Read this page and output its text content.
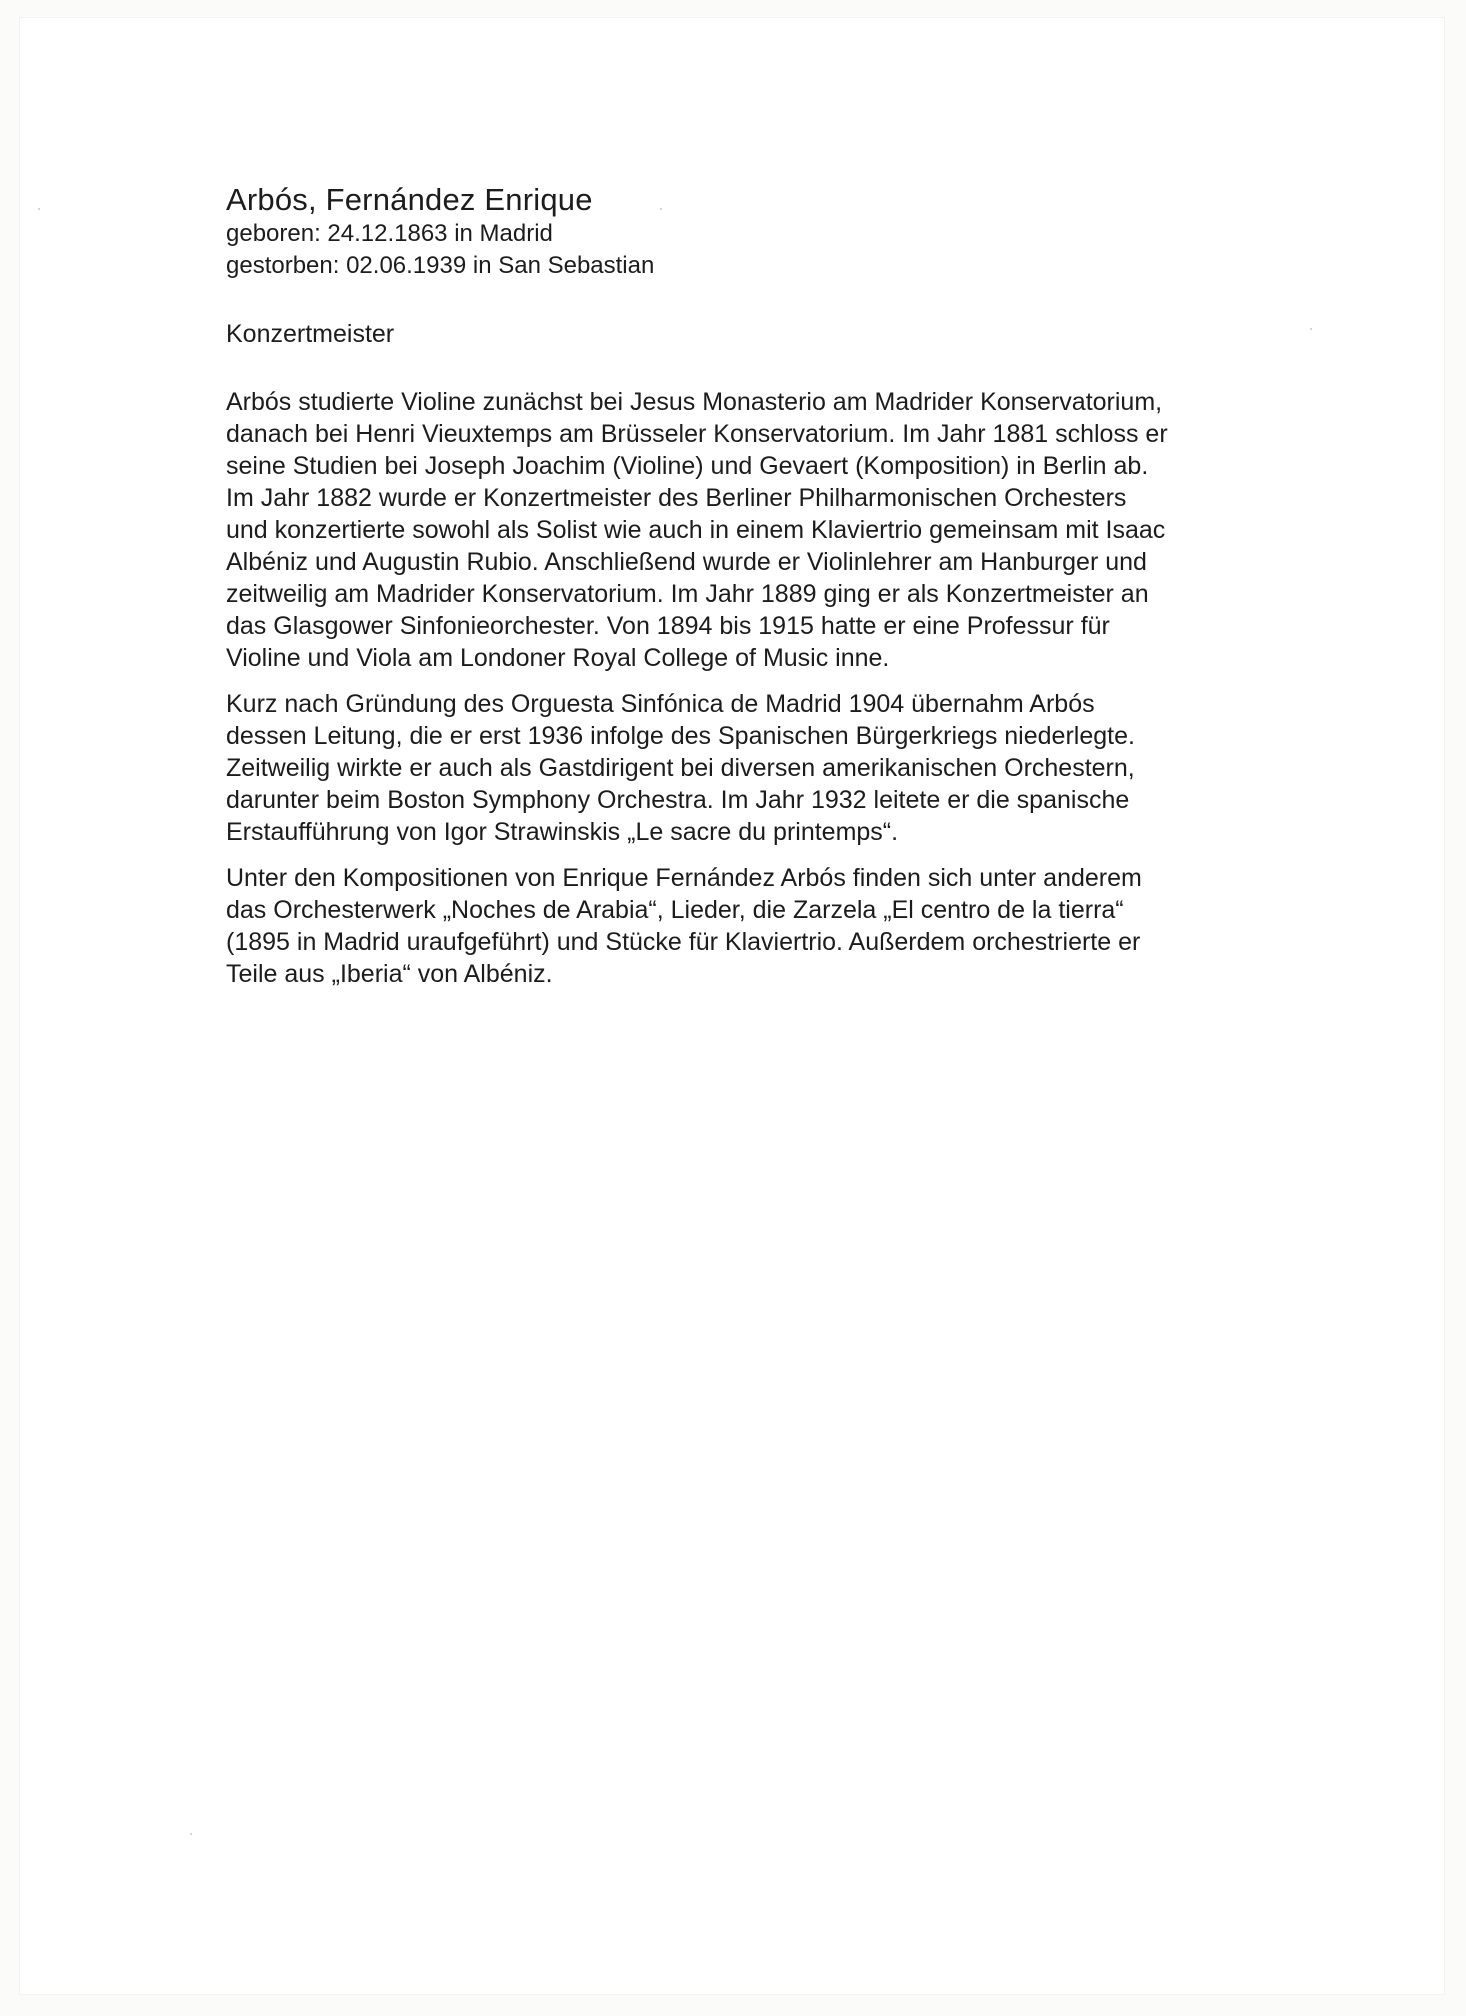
Arbós, Fernández Enrique

geboren: 24.12.1863 in Madrid

gestorben: 02.06.1939 in San Sebastian

Konzertmeister

Arbós studierte Violine zunächst bei Jesus Monasterio am Madrider Konservatorium,
danach bei Henri Vieuxtemps am Brüsseler Konservatorium. Im Jahr 1881 schloss er
seine Studien bei Joseph Joachim (Violine) und Gevaert (Komposition) in Berlin ab.
Im Jahr 1882 wurde er Konzertmeister des Berliner Philharmonischen Orchesters
und konzertierte sowohl als Solist wie auch in einem Klaviertrio gemeinsam mit Isaac
Albéniz und Augustin Rubio. Anschließend wurde er Violinlehrer am Hanburger und
zeitweilig am Madrider Konservatorium. Im Jahr 1889 ging er als Konzertmeister an
das Glasgower Sinfonieorchester. Von 1894 bis 1915 hatte er eine Professur für
Violine und Viola am Londoner Royal College of Music inne.

Kurz nach Gründung des Orguesta Sinfónica de Madrid 1904 übernahm Arbós
dessen Leitung, die er erst 1936 infolge des Spanischen Bürgerkriegs niederlegte.
Zeitweilig wirkte er auch als Gastdirigent bei diversen amerikanischen Orchestern,
darunter beim Boston Symphony Orchestra. Im Jahr 1932 leitete er die spanische
Erstaufführung von Igor Strawinskis „Le sacre du printemps“.

Unter den Kompositionen von Enrique Fernández Arbós finden sich unter anderem
das Orchesterwerk „Noches de Arabia“, Lieder, die Zarzela „El centro de la tierra“
(1895 in Madrid uraufgeführt) und Stücke für Klaviertrio. Außerdem orchestrierte er
Teile aus „Iberia“ von Albéniz.
